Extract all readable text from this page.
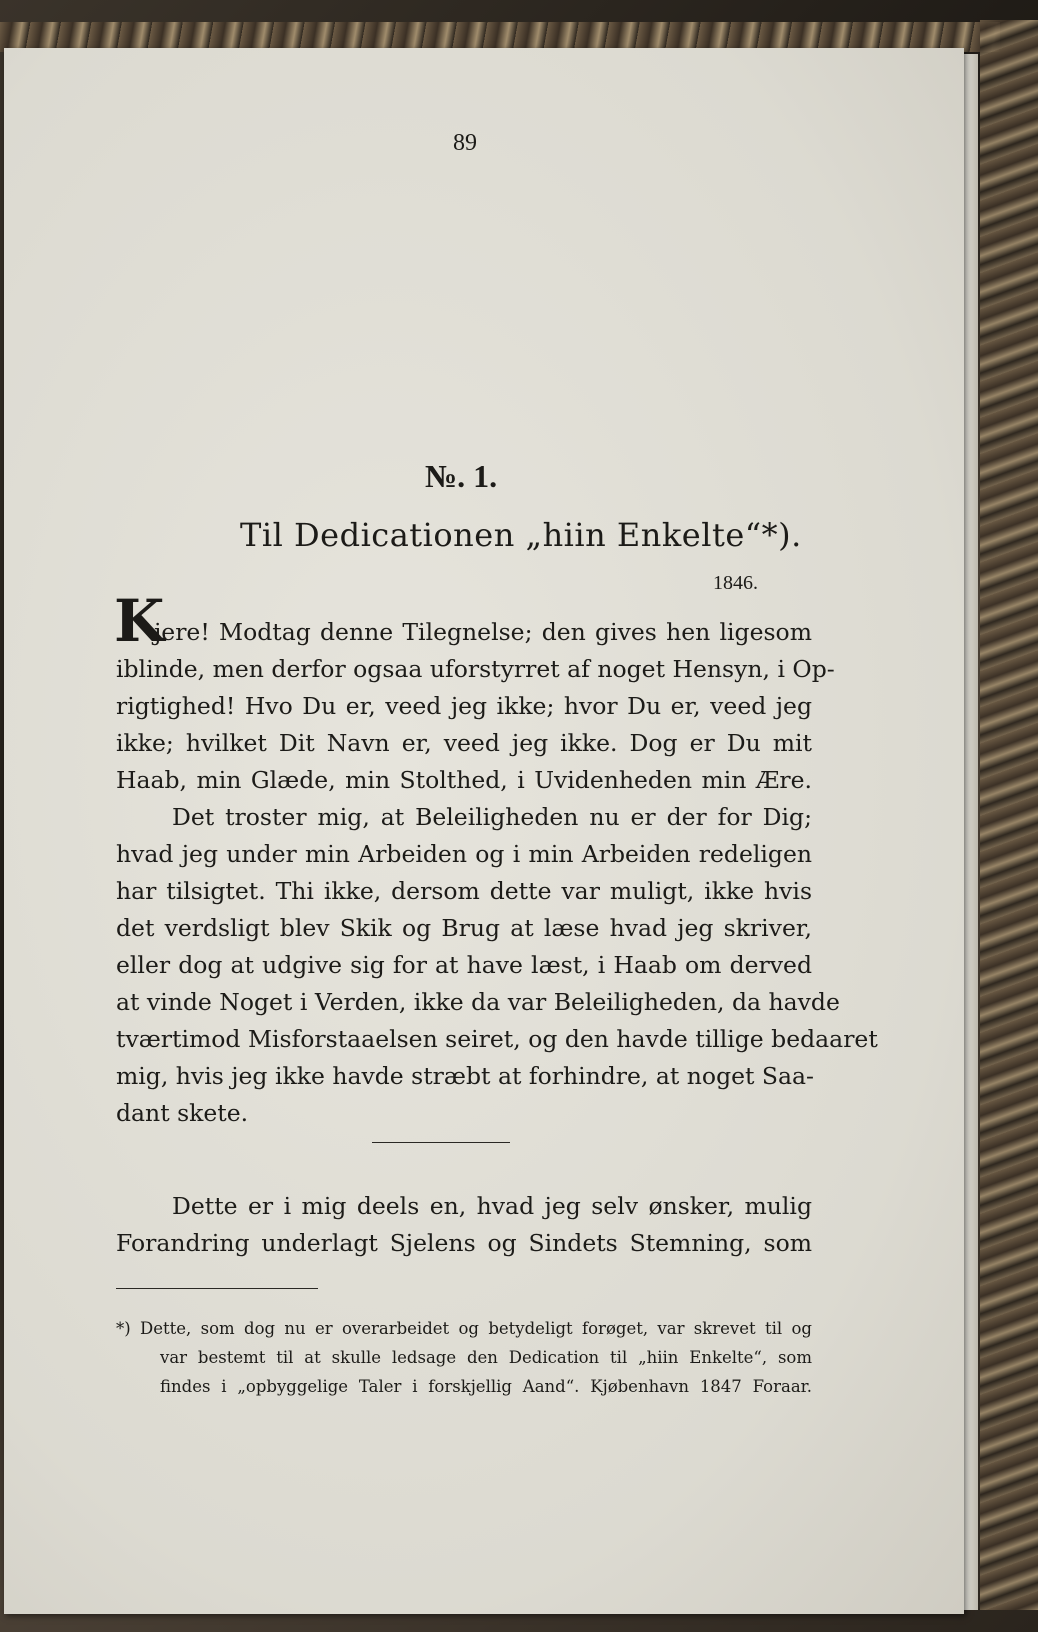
89
№. 1.
Til Dedicationen „hiin Enkelte“*).
1846.
K
jere! Modtag denne Tilegnelse; den gives hen ligesom
iblinde, men derfor ogsaa uforstyrret af noget Hensyn, i Op-
rigtighed! Hvo Du er, veed jeg ikke; hvor Du er, veed jeg
ikke; hvilket Dit Navn er, veed jeg ikke. Dog er Du mit
Haab, min Glæde, min Stolthed, i Uvidenheden min Ære.
Det troster mig, at Beleiligheden nu er der for Dig;
hvad jeg under min Arbeiden og i min Arbeiden redeligen
har tilsigtet. Thi ikke, dersom dette var muligt, ikke hvis
det verdsligt blev Skik og Brug at læse hvad jeg skriver,
eller dog at udgive sig for at have læst, i Haab om derved
at vinde Noget i Verden, ikke da var Beleiligheden, da havde
tværtimod Misforstaaelsen seiret, og den havde tillige bedaaret
mig, hvis jeg ikke havde stræbt at forhindre, at noget Saa-
dant skete.
Dette er i mig deels en, hvad jeg selv ønsker, mulig
Forandring underlagt Sjelens og Sindets Stemning, som
*) Dette, som dog nu er overarbeidet og betydeligt forøget, var skrevet til og
var bestemt til at skulle ledsage den Dedication til „hiin Enkelte“, som
findes i „opbyggelige Taler i forskjellig Aand“. Kjøbenhavn 1847 Foraar.
